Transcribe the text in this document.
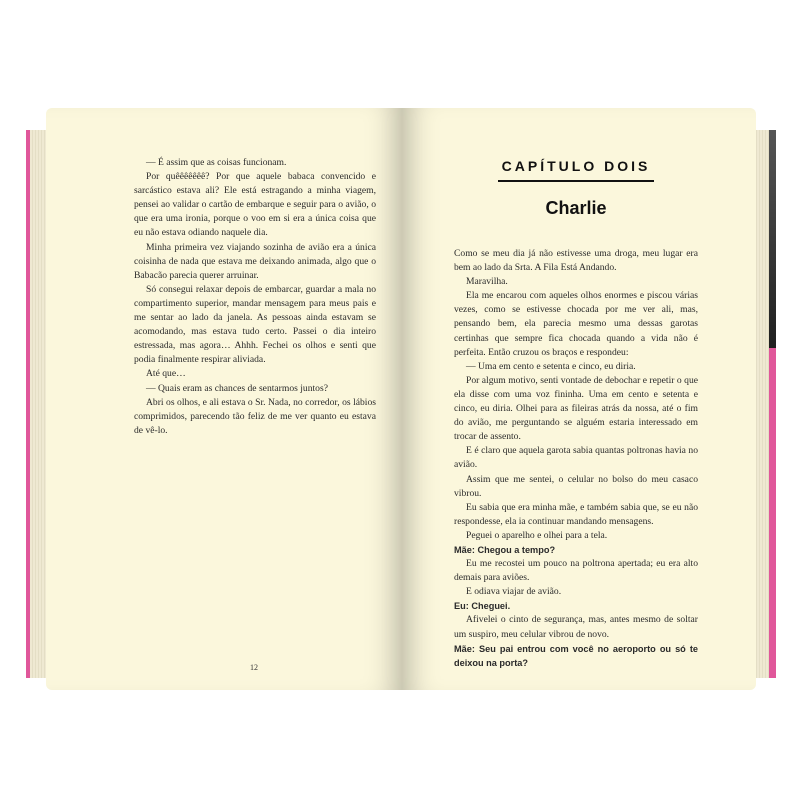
— É assim que as coisas funcionam.
Por quêêêêêêê? Por que aquele babaca convencido e sarcástico estava ali? Ele está estragando a minha viagem, pensei ao validar o cartão de embarque e seguir para o avião, o que era uma ironia, porque o voo em si era a única coisa que eu não estava odiando naquele dia.
Minha primeira vez viajando sozinha de avião era a única coisinha de nada que estava me deixando animada, algo que o Babacão parecia querer arruinar.
Só consegui relaxar depois de embarcar, guardar a mala no compartimento superior, mandar mensagem para meus pais e me sentar ao lado da janela. As pessoas ainda estavam se acomodando, mas estava tudo certo. Passei o dia inteiro estressada, mas agora… Ahhh. Fechei os olhos e senti que podia finalmente respirar aliviada.
Até que…
— Quais eram as chances de sentarmos juntos?
Abri os olhos, e ali estava o Sr. Nada, no corredor, os lábios comprimidos, parecendo tão feliz de me ver quanto eu estava de vê-lo.
12
CAPÍTULO DOIS
Charlie
Como se meu dia já não estivesse uma droga, meu lugar era bem ao lado da Srta. A Fila Está Andando.
Maravilha.
Ela me encarou com aqueles olhos enormes e piscou várias vezes, como se estivesse chocada por me ver ali, mas, pensando bem, ela parecia mesmo uma dessas garotas certinhas que sempre fica chocada quando a vida não é perfeita. Então cruzou os braços e respondeu:
— Uma em cento e setenta e cinco, eu diria.
Por algum motivo, senti vontade de debochar e repetir o que ela disse com uma voz fininha. Uma em cento e setenta e cinco, eu diria. Olhei para as fileiras atrás da nossa, até o fim do avião, me perguntando se alguém estaria interessado em trocar de assento.
E é claro que aquela garota sabia quantas poltronas havia no avião.
Assim que me sentei, o celular no bolso do meu casaco vibrou.
Eu sabia que era minha mãe, e também sabia que, se eu não respondesse, ela ia continuar mandando mensagens.
Peguei o aparelho e olhei para a tela.
Mãe: Chegou a tempo?
Eu me recostei um pouco na poltrona apertada; eu era alto demais para aviões.
E odiava viajar de avião.
Eu: Cheguei.
Afivelei o cinto de segurança, mas, antes mesmo de soltar um suspiro, meu celular vibrou de novo.
Mãe: Seu pai entrou com você no aeroporto ou só te deixou na porta?
